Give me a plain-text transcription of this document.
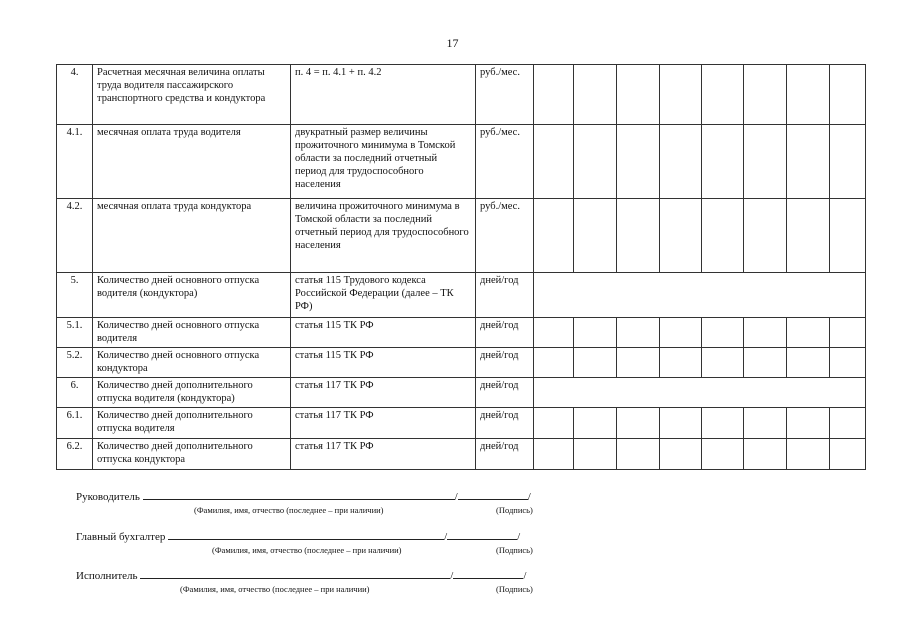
17
4.	Расчетная месячная величина оплаты труда водителя пассажирского транспортного средства и кондуктора	п. 4 = п. 4.1 + п. 4.2	руб./мес.								
4.1.	месячная оплата труда водителя	двукратный размер величины прожиточного минимума в Томской области за последний отчетный период для трудоспособного населения	руб./мес.								
4.2.	месячная оплата труда кондуктора	величина прожиточного минимума в Томской области за последний отчетный период для трудоспособного населения	руб./мес.								
5.	Количество дней основного отпуска водителя (кондуктора)	статья 115 Трудового кодекса Российской Федерации (далее – ТК РФ)	дней/год								
5.1.	Количество дней основного отпуска водителя	статья 115 ТК РФ	дней/год								
5.2.	Количество дней основного отпуска кондуктора	статья 115 ТК РФ	дней/год								
6.	Количество дней дополнительного отпуска водителя (кондуктора)	статья 117 ТК РФ	дней/год								
6.1.	Количество дней дополнительного отпуска водителя	статья 117 ТК РФ	дней/год								
6.2.	Количество дней дополнительного отпуска кондуктора	статья 117 ТК РФ	дней/год								
Руководитель	/	/
(Фамилия, имя, отчество (последнее – при наличии)	(Подпись)
Главный бухгалтер	/	/
(Фамилия, имя, отчество (последнее – при наличии)	(Подпись)
Исполнитель	/	/
(Фамилия, имя, отчество (последнее – при наличии)	(Подпись)
